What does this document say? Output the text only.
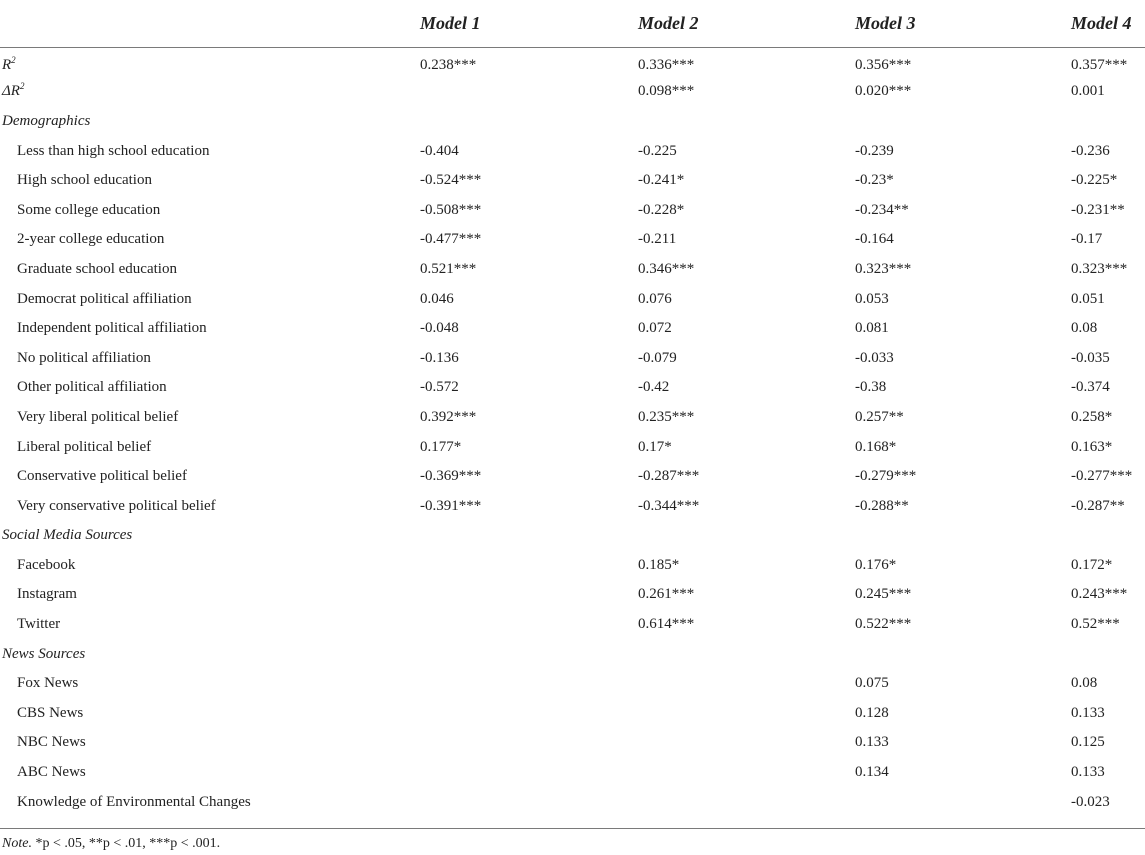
	Model 1	Model 2	Model 3	Model 4
$R^2$	0.238***	0.336***	0.356***	0.357***
$\Delta R^2$		0.098***	0.020***	0.001
Demographics				
Less than high school education	-0.404	-0.225	-0.239	-0.236
High school education	-0.524***	-0.241*	-0.23*	-0.225*
Some college education	-0.508***	-0.228*	-0.234**	-0.231**
2-year college education	-0.477***	-0.211	-0.164	-0.17
Graduate school education	0.521***	0.346***	0.323***	0.323***
Democrat political affiliation	0.046	0.076	0.053	0.051
Independent political affiliation	-0.048	0.072	0.081	0.08
No political affiliation	-0.136	-0.079	-0.033	-0.035
Other political affiliation	-0.572	-0.42	-0.38	-0.374
Very liberal political belief	0.392***	0.235***	0.257**	0.258*
Liberal political belief	0.177*	0.17*	0.168*	0.163*
Conservative political belief	-0.369***	-0.287***	-0.279***	-0.277***
Very conservative political belief	-0.391***	-0.344***	-0.288**	-0.287**
Social Media Sources				
Facebook		0.185*	0.176*	0.172*
Instagram		0.261***	0.245***	0.243***
Twitter		0.614***	0.522***	0.52***
News Sources				
Fox News			0.075	0.08
CBS News			0.128	0.133
NBC News			0.133	0.125
ABC News			0.134	0.133
Knowledge of Environmental Changes				-0.023
Note. *p < .05, **p < .01, ***p < .001.
